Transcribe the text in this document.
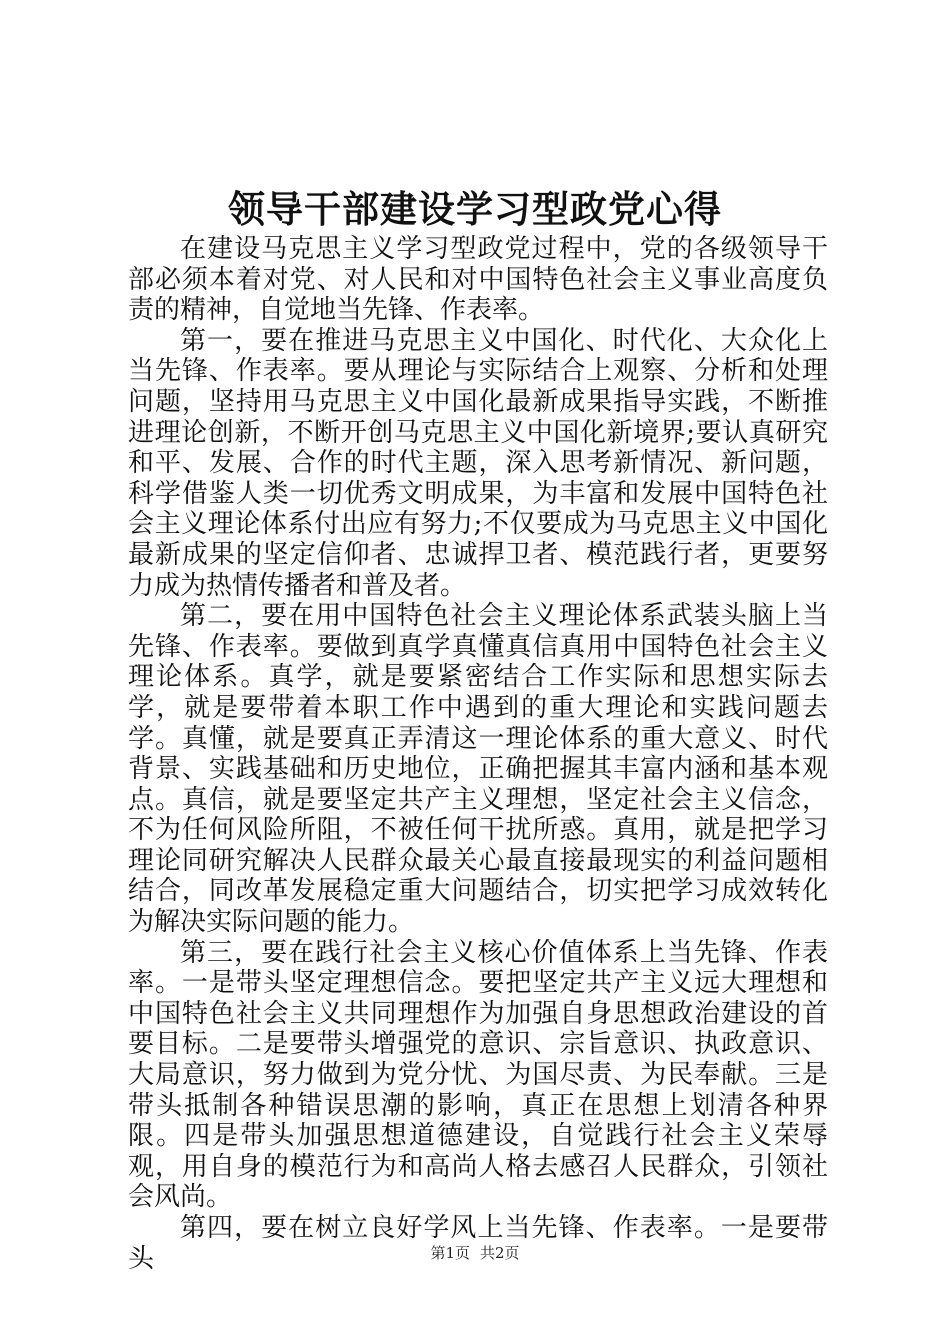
领导干部建设学习型政党心得

在建设马克思主义学习型政党过程中，党的各级领导干部必须本着对党、对人民和对中国特色社会主义事业高度负责的精神，自觉地当先锋、作表率。

第一，要在推进马克思主义中国化、时代化、大众化上当先锋、作表率。要从理论与实际结合上观察、分析和处理问题，坚持用马克思主义中国化最新成果指导实践，不断推进理论创新，不断开创马克思主义中国化新境界;要认真研究和平、发展、合作的时代主题，深入思考新情况、新问题，科学借鉴人类一切优秀文明成果，为丰富和发展中国特色社会主义理论体系付出应有努力;不仅要成为马克思主义中国化最新成果的坚定信仰者、忠诚捍卫者、模范践行者，更要努力成为热情传播者和普及者。

第二，要在用中国特色社会主义理论体系武装头脑上当先锋、作表率。要做到真学真懂真信真用中国特色社会主义理论体系。真学，就是要紧密结合工作实际和思想实际去学，就是要带着本职工作中遇到的重大理论和实践问题去学。真懂，就是要真正弄清这一理论体系的重大意义、时代背景、实践基础和历史地位，正确把握其丰富内涵和基本观点。真信，就是要坚定共产主义理想，坚定社会主义信念，不为任何风险所阻，不被任何干扰所惑。真用，就是把学习理论同研究解决人民群众最关心最直接最现实的利益问题相结合，同改革发展稳定重大问题结合，切实把学习成效转化为解决实际问题的能力。

第三，要在践行社会主义核心价值体系上当先锋、作表率。一是带头坚定理想信念。要把坚定共产主义远大理想和中国特色社会主义共同理想作为加强自身思想政治建设的首要目标。二是要带头增强党的意识、宗旨意识、执政意识、大局意识，努力做到为党分忧、为国尽责、为民奉献。三是带头抵制各种错误思潮的影响，真正在思想上划清各种界限。四是带头加强思想道德建设，自觉践行社会主义荣辱观，用自身的模范行为和高尚人格去感召人民群众，引领社会风尚。

第四，要在树立良好学风上当先锋、作表率。一是要带头	第1页 共2页
